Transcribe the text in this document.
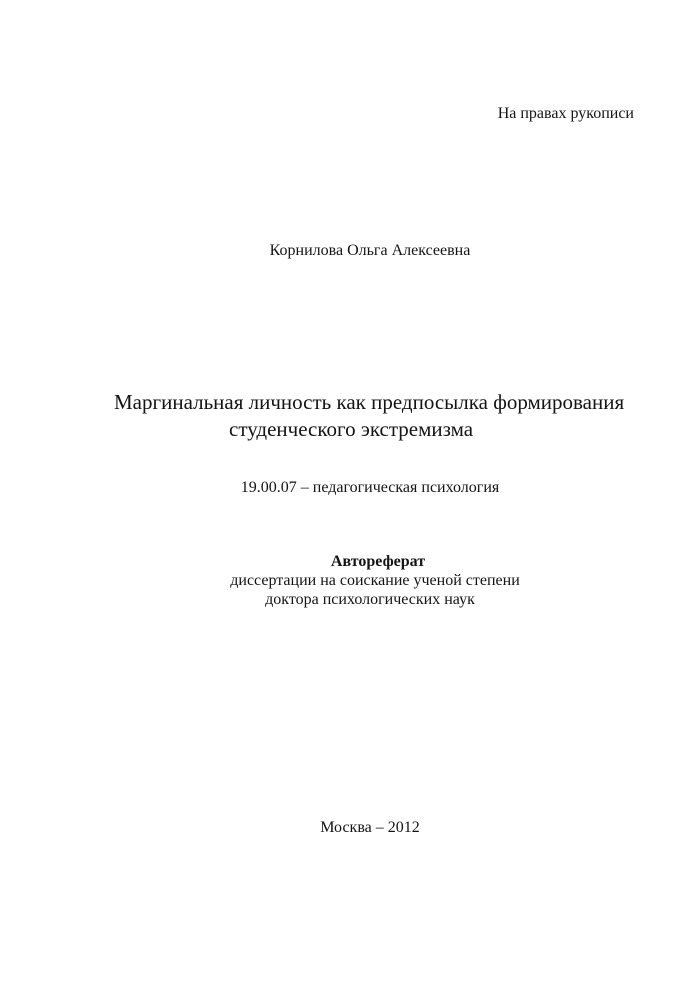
На правах рукописи
Корнилова Ольга Алексеевна
Маргинальная личность как предпосылка формирования
студенческого экстремизма
19.00.07 – педагогическая психология
Автореферат
диссертации на соискание ученой степени
доктора психологических наук
Москва – 2012
